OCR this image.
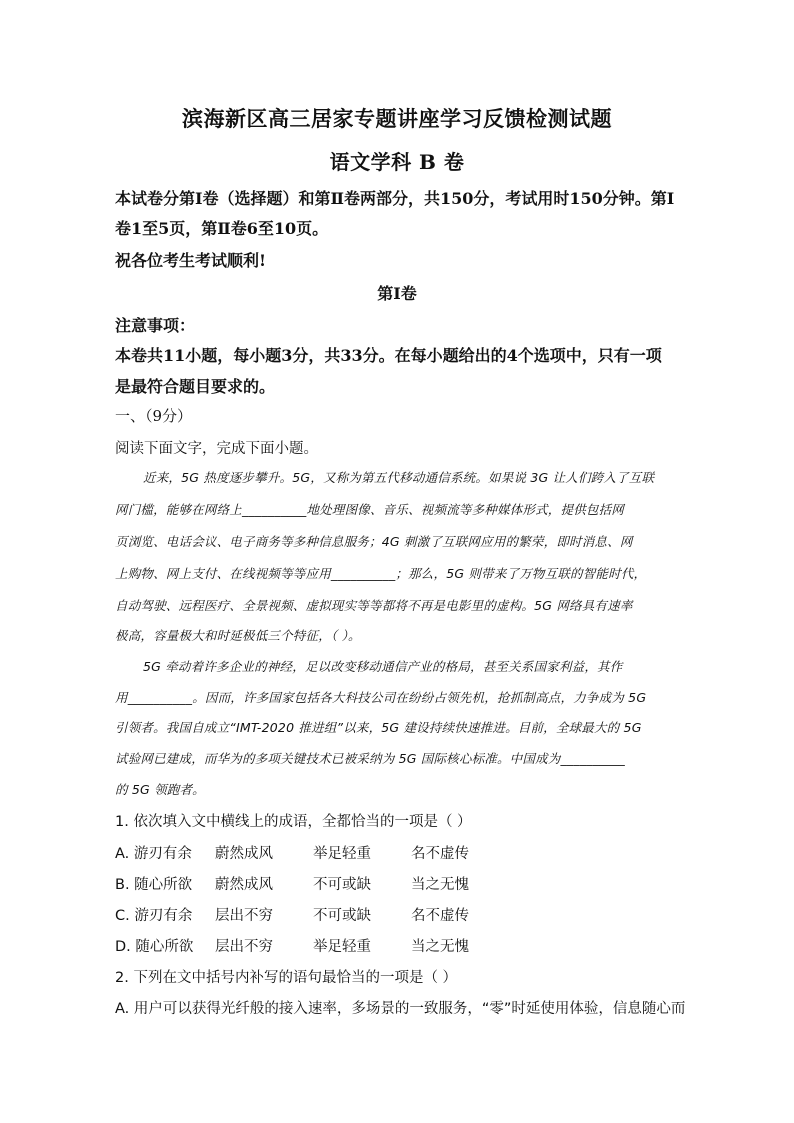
滨海新区高三居家专题讲座学习反馈检测试题
语文学科 B 卷
本试卷分第Ⅰ卷（选择题）和第Ⅱ卷两部分，共150分，考试用时150分钟。第Ⅰ
卷1至5页，第Ⅱ卷6至10页。
祝各位考生考试顺利!
第Ⅰ卷
注意事项：
本卷共11小题，每小题3分，共33分。在每小题给出的4个选项中，只有一项
是最符合题目要求的。
一、（9分）
阅读下面文字，完成下面小题。
近来，5G 热度逐步攀升。5G，又称为第五代移动通信系统。如果说 3G 让人们跨入了互联
网门槛，能够在网络上__________地处理图像、音乐、视频流等多种媒体形式，提供包括网
页浏览、电话会议、电子商务等多种信息服务；4G 刺激了互联网应用的繁荣，即时消息、网
上购物、网上支付、在线视频等等应用__________；那么，5G 则带来了万物互联的智能时代，
自动驾驶、远程医疗、全景视频、虚拟现实等等都将不再是电影里的虚构。5G 网络具有速率
极高，容量极大和时延极低三个特征，（ ）。
5G 牵动着许多企业的神经，足以改变移动通信产业的格局，甚至关系国家利益，其作
用__________。因而，许多国家包括各大科技公司在纷纷占领先机，抢抓制高点，力争成为 5G
引领者。我国自成立“IMT-2020 推进组”以来，5G 建设持续快速推进。目前，全球最大的 5G
试验网已建成，而华为的多项关键技术已被采纳为 5G 国际核心标准。中国成为__________
的 5G 领跑者。
1. 依次填入文中横线上的成语，全都恰当的一项是（ ）
A. 游刃有余 蔚然成风	举足轻重	名不虚传
B. 随心所欲 蔚然成风	不可或缺	当之无愧
C. 游刃有余 层出不穷	不可或缺	名不虚传
D. 随心所欲 层出不穷	举足轻重	当之无愧
2. 下列在文中括号内补写的语句最恰当的一项是（ ）
A. 用户可以获得光纤般的接入速率，多场景的一致服务，“零”时延使用体验，信息随心而
